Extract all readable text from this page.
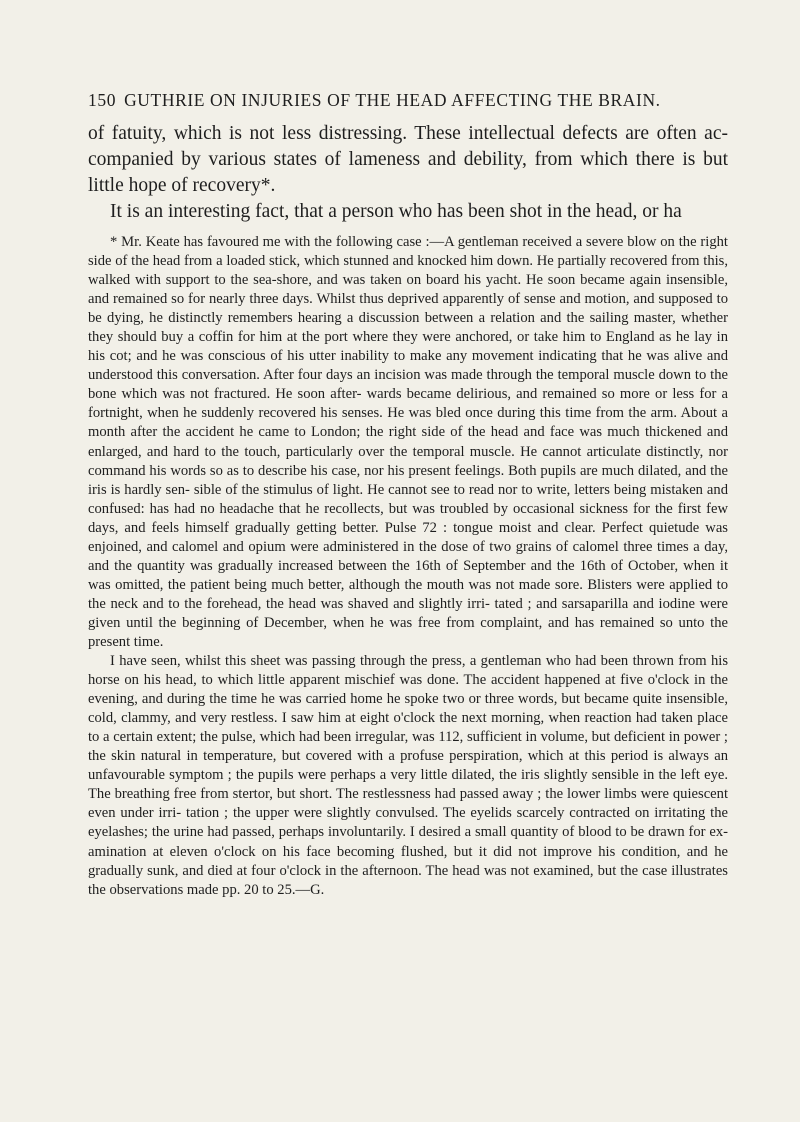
150 GUTHRIE ON INJURIES OF THE HEAD AFFECTING THE BRAIN.

of fatuity, which is not less distressing. These intellectual defects are often ac- companied by various states of lameness and debility, from which there is but little hope of recovery*.

It is an interesting fact, that a person who has been shot in the head, or ha

* Mr. Keate has favoured me with the following case :—A gentleman received a severe blow on the right side of the head from a loaded stick, which stunned and knocked him down. He partially recovered from this, walked with support to the sea-shore, and was taken on board his yacht. He soon became again insensible, and remained so for nearly three days. Whilst thus deprived apparently of sense and motion, and supposed to be dying, he distinctly remembers hearing a discussion between a relation and the sailing master, whether they should buy a coffin for him at the port where they were anchored, or take him to England as he lay in his cot; and he was conscious of his utter inability to make any movement indicating that he was alive and understood this conversation. After four days an incision was made through the temporal muscle down to the bone which was not fractured. He soon after- wards became delirious, and remained so more or less for a fortnight, when he suddenly recovered his senses. He was bled once during this time from the arm. About a month after the accident he came to London; the right side of the head and face was much thickened and enlarged, and hard to the touch, particularly over the temporal muscle. He cannot articulate distinctly, nor command his words so as to describe his case, nor his present feelings. Both pupils are much dilated, and the iris is hardly sen- sible of the stimulus of light. He cannot see to read nor to write, letters being mistaken and confused: has had no headache that he recollects, but was troubled by occasional sickness for the first few days, and feels himself gradually getting better. Pulse 72 : tongue moist and clear. Perfect quietude was enjoined, and calomel and opium were administered in the dose of two grains of calomel three times a day, and the quantity was gradually increased between the 16th of September and the 16th of October, when it was omitted, the patient being much better, although the mouth was not made sore. Blisters were applied to the neck and to the forehead, the head was shaved and slightly irri- tated ; and sarsaparilla and iodine were given until the beginning of December, when he was free from complaint, and has remained so unto the present time.

I have seen, whilst this sheet was passing through the press, a gentleman who had been thrown from his horse on his head, to which little apparent mischief was done. The accident happened at five o'clock in the evening, and during the time he was carried home he spoke two or three words, but became quite insensible, cold, clammy, and very restless. I saw him at eight o'clock the next morning, when reaction had taken place to a certain extent; the pulse, which had been irregular, was 112, sufficient in volume, but deficient in power ; the skin natural in temperature, but covered with a profuse perspiration, which at this period is always an unfavourable symptom ; the pupils were perhaps a very little dilated, the iris slightly sensible in the left eye. The breathing free from stertor, but short. The restlessness had passed away ; the lower limbs were quiescent even under irri- tation ; the upper were slightly convulsed. The eyelids scarcely contracted on irritating the eyelashes; the urine had passed, perhaps involuntarily. I desired a small quantity of blood to be drawn for ex- amination at eleven o'clock on his face becoming flushed, but it did not improve his condition, and he gradually sunk, and died at four o'clock in the afternoon. The head was not examined, but the case illustrates the observations made pp. 20 to 25.—G.
